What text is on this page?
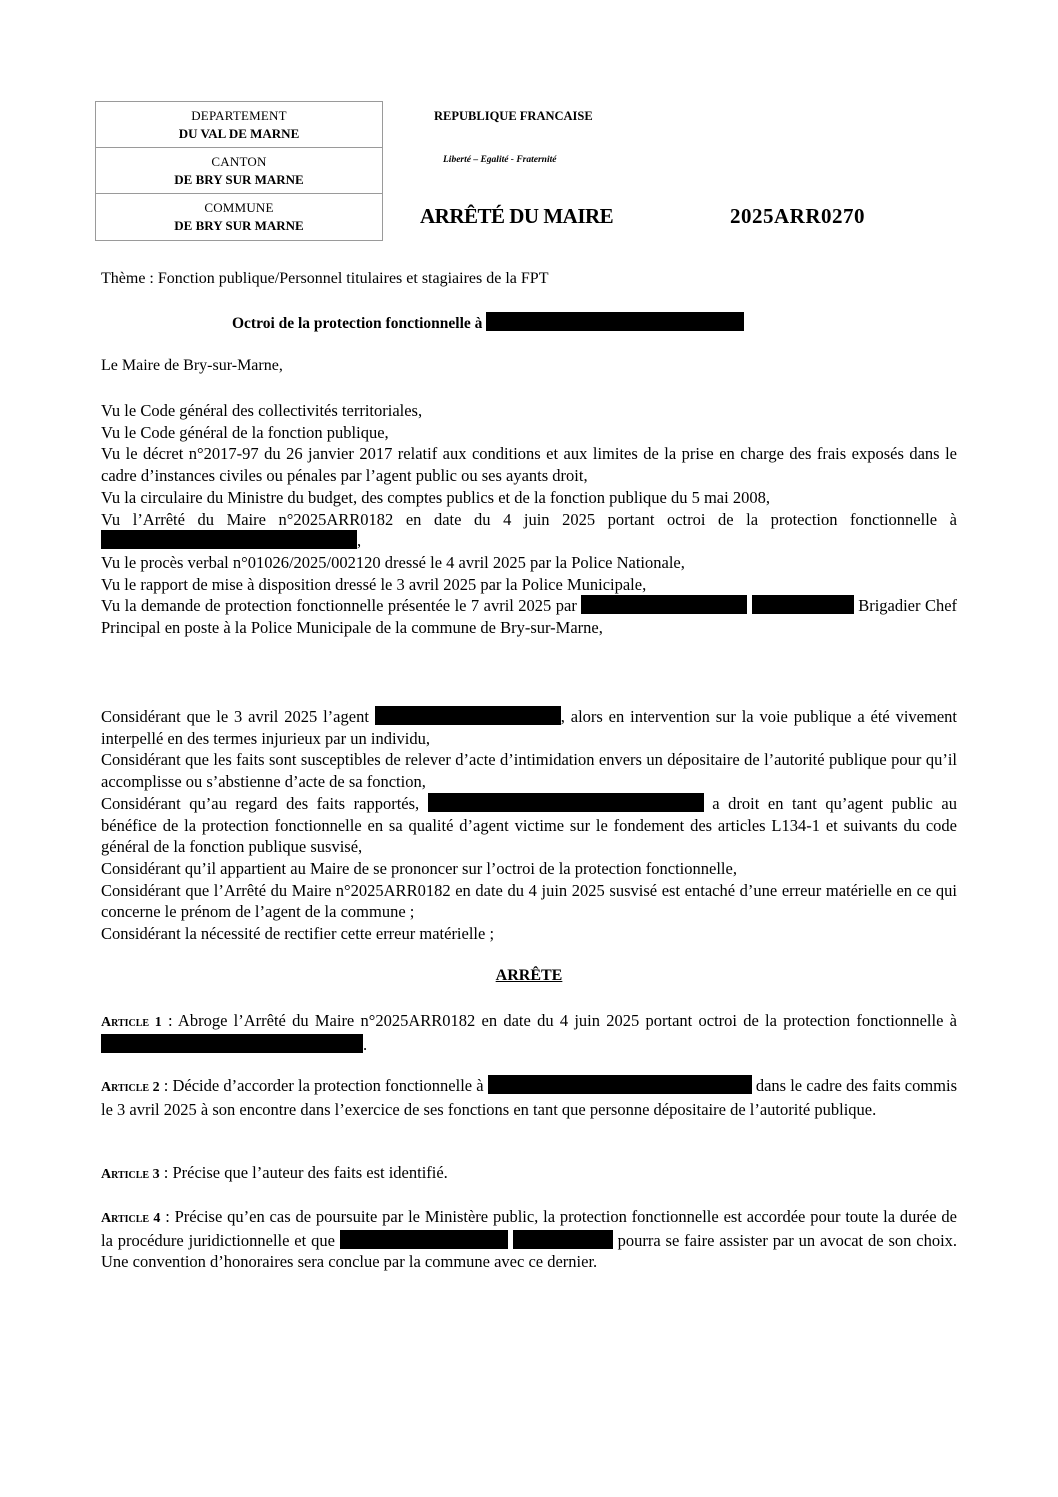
DEPARTEMENT
DU VAL DE MARNE
CANTON
DE BRY SUR MARNE
COMMUNE
DE BRY SUR MARNE
REPUBLIQUE FRANCAISE
Liberté – Egalité - Fraternité
ARRÊTÉ DU MAIRE	2025ARR0270
Thème : Fonction publique/Personnel titulaires et stagiaires de la FPT
Octroi de la protection fonctionnelle à
Le Maire de Bry-sur-Marne,

Vu le Code général des collectivités territoriales,

Vu le Code général de la fonction publique,

Vu le décret n°2017-97 du 26 janvier 2017 relatif aux conditions et aux limites de la prise en charge des frais exposés dans le cadre d’instances civiles ou pénales par l’agent public ou ses ayants droit,

Vu la circulaire du Ministre du budget, des comptes publics et de la fonction publique du 5 mai 2008,

Vu l’Arrêté du Maire n°2025ARR0182 en date du 4 juin 2025 portant octroi de la protection fonctionnelle à ,

Vu le procès verbal n°01026/2025/002120 dressé le 4 avril 2025 par la Police Nationale,

Vu le rapport de mise à disposition dressé le 3 avril 2025 par la Police Municipale,

Vu la demande de protection fonctionnelle présentée le 7 avril 2025 par	Brigadier Chef Principal en poste à la Police Municipale de la commune de Bry-sur-Marne,

Considérant que le 3 avril 2025 l’agent	, alors en intervention sur la voie publique a été vivement interpellé en des termes injurieux par un individu,

Considérant que les faits sont susceptibles de relever d’acte d’intimidation envers un dépositaire de l’autorité publique pour qu’il accomplisse ou s’abstienne d’acte de sa fonction,

Considérant qu’au regard des faits rapportés,	a droit en tant qu’agent public au bénéfice de la protection fonctionnelle en sa qualité d’agent victime sur le fondement des articles L134-1 et suivants du code général de la fonction publique susvisé,

Considérant qu’il appartient au Maire de se prononcer sur l’octroi de la protection fonctionnelle,

Considérant que l’Arrêté du Maire n°2025ARR0182 en date du 4 juin 2025 susvisé est entaché d’une erreur matérielle en ce qui concerne le prénom de l’agent de la commune ;

Considérant la nécessité de rectifier cette erreur matérielle ;

ARRÊTE
Article 1 : Abroge l’Arrêté du Maire n°2025ARR0182 en date du 4 juin 2025 portant octroi de la protection fonctionnelle à .
Article 2 : Décide d’accorder la protection fonctionnelle à	dans le cadre des faits commis le 3 avril 2025 à son encontre dans l’exercice de ses fonctions en tant que personne dépositaire de l’autorité publique.
Article 3 : Précise que l’auteur des faits est identifié.
Article 4 : Précise qu’en cas de poursuite par le Ministère public, la protection fonctionnelle est accordée pour toute la durée de la procédure juridictionnelle et que	pourra se faire assister par un avocat de son choix. Une convention d’honoraires sera conclue par la commune avec ce dernier.
